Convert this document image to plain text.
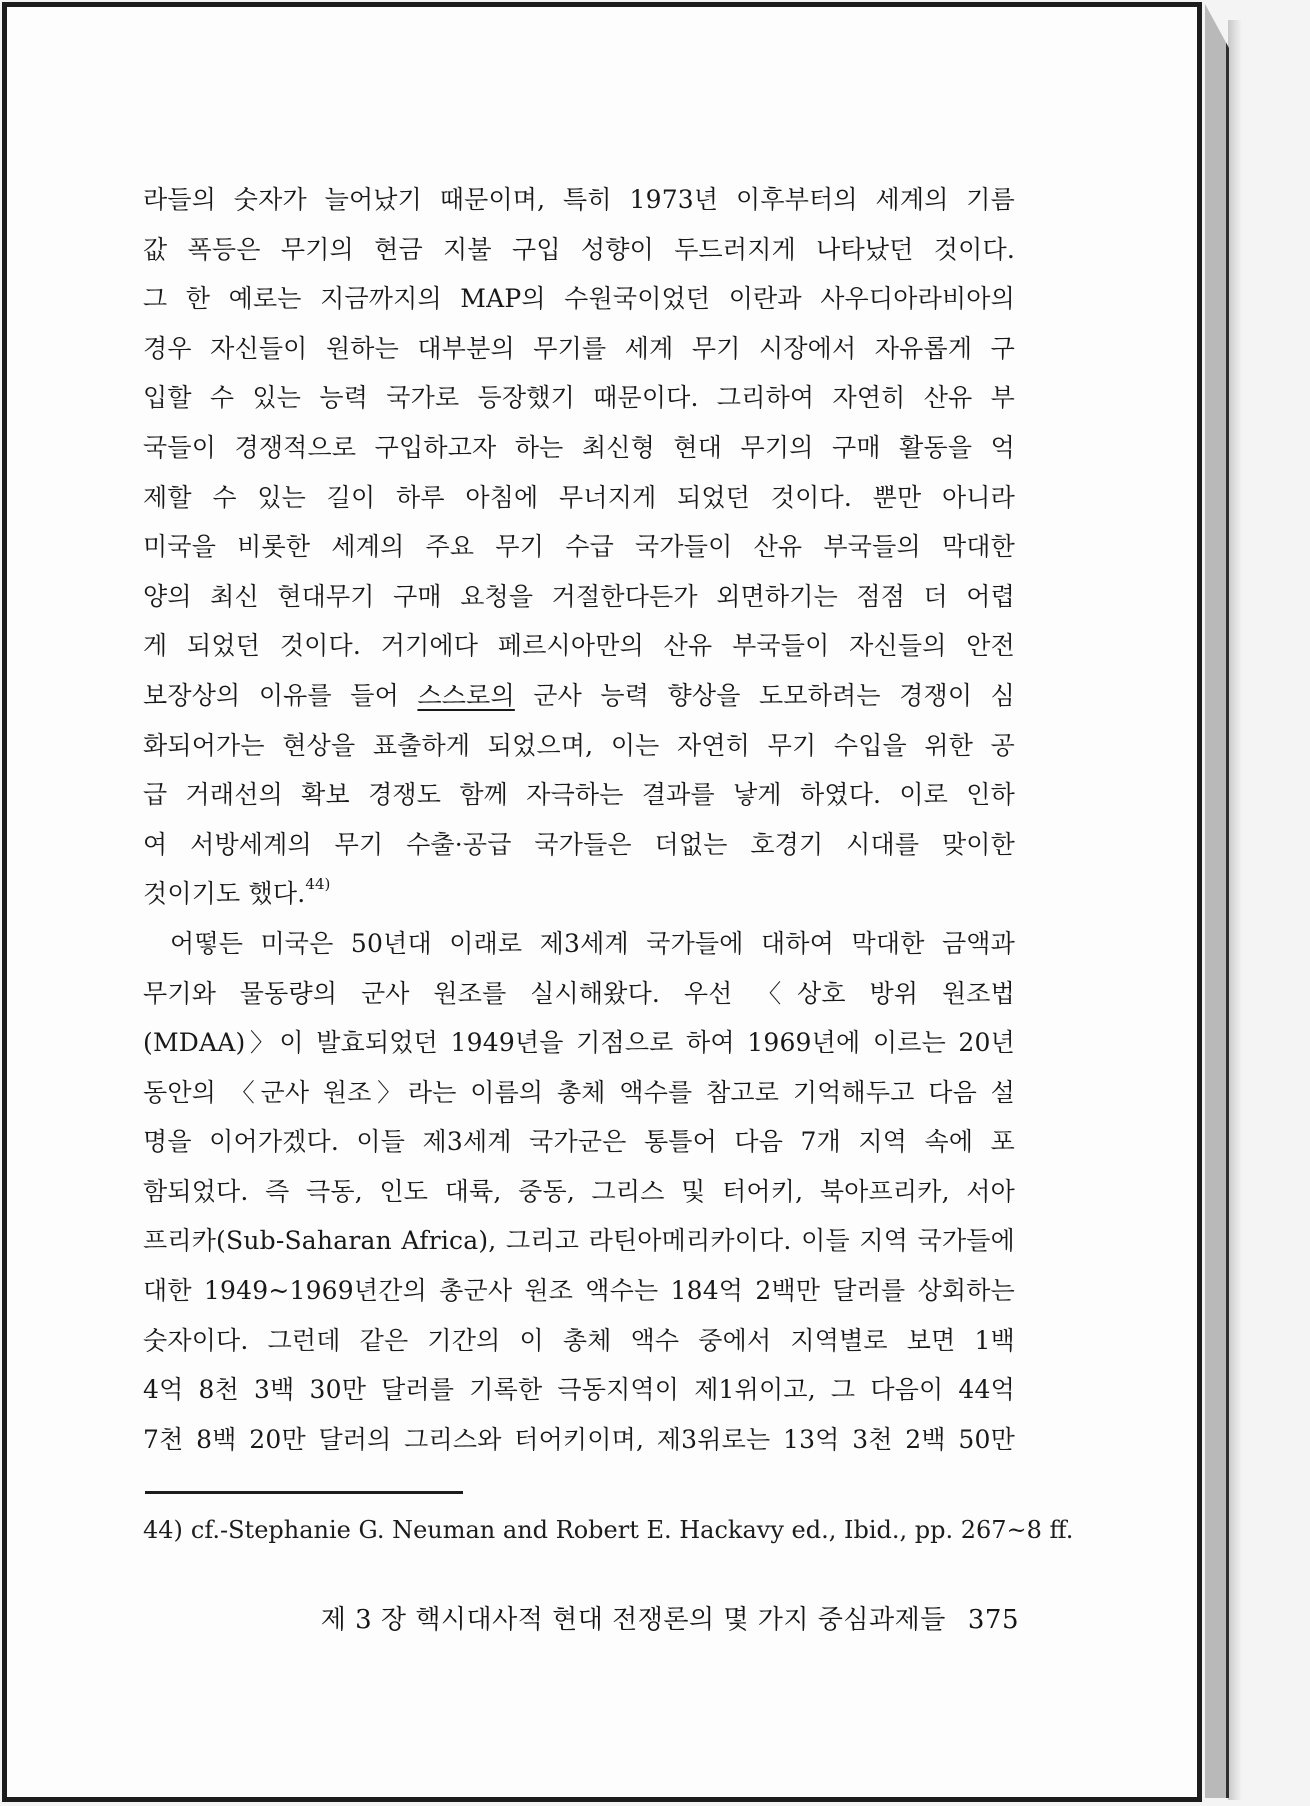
라들의 숫자가 늘어났기 때문이며, 특히 1973년 이후부터의 세계의 기름
값 폭등은 무기의 현금 지불 구입 성향이 두드러지게 나타났던 것이다.
그 한 예로는 지금까지의 MAP의 수원국이었던 이란과 사우디아라비아의
경우 자신들이 원하는 대부분의 무기를 세계 무기 시장에서 자유롭게 구
입할 수 있는 능력 국가로 등장했기 때문이다. 그리하여 자연히 산유 부
국들이 경쟁적으로 구입하고자 하는 최신형 현대 무기의 구매 활동을 억
제할 수 있는 길이 하루 아침에 무너지게 되었던 것이다. 뿐만 아니라
미국을 비롯한 세계의 주요 무기 수급 국가들이 산유 부국들의 막대한
양의 최신 현대무기 구매 요청을 거절한다든가 외면하기는 점점 더 어렵
게 되었던 것이다. 거기에다 페르시아만의 산유 부국들이 자신들의 안전
보장상의 이유를 들어 스스로의 군사 능력 향상을 도모하려는 경쟁이 심
화되어가는 현상을 표출하게 되었으며, 이는 자연히 무기 수입을 위한 공
급 거래선의 확보 경쟁도 함께 자극하는 결과를 낳게 하였다. 이로 인하
여 서방세계의 무기 수출·공급 국가들은 더없는 호경기 시대를 맞이한
것이기도 했다.$^{44)}$
어떻든 미국은 50년대 이래로 제3세계 국가들에 대하여 막대한 금액과
무기와 물동량의 군사 원조를 실시해왔다. 우선 〈상호 방위 원조법
(MDAA)〉이 발효되었던 1949년을 기점으로 하여 1969년에 이르는 20년
동안의 〈군사 원조〉라는 이름의 총체 액수를 참고로 기억해두고 다음 설
명을 이어가겠다. 이들 제3세계 국가군은 통틀어 다음 7개 지역 속에 포
함되었다. 즉 극동, 인도 대륙, 중동, 그리스 및 터어키, 북아프리카, 서아
프리카(Sub-Saharan Africa), 그리고 라틴아메리카이다. 이들 지역 국가들에
대한 1949~1969년간의 총군사 원조 액수는 184억 2백만 달러를 상회하는
숫자이다. 그런데 같은 기간의 이 총체 액수 중에서 지역별로 보면 1백
4억 8천 3백 30만 달러를 기록한 극동지역이 제1위이고, 그 다음이 44억
7천 8백 20만 달러의 그리스와 터어키이며, 제3위로는 13억 3천 2백 50만
44) cf.-Stephanie G. Neuman and Robert E. Hackavy ed., Ibid., pp. 267~8 ff.
제 3 장 핵시대사적 현대 전쟁론의 몇 가지 중심과제들 375
